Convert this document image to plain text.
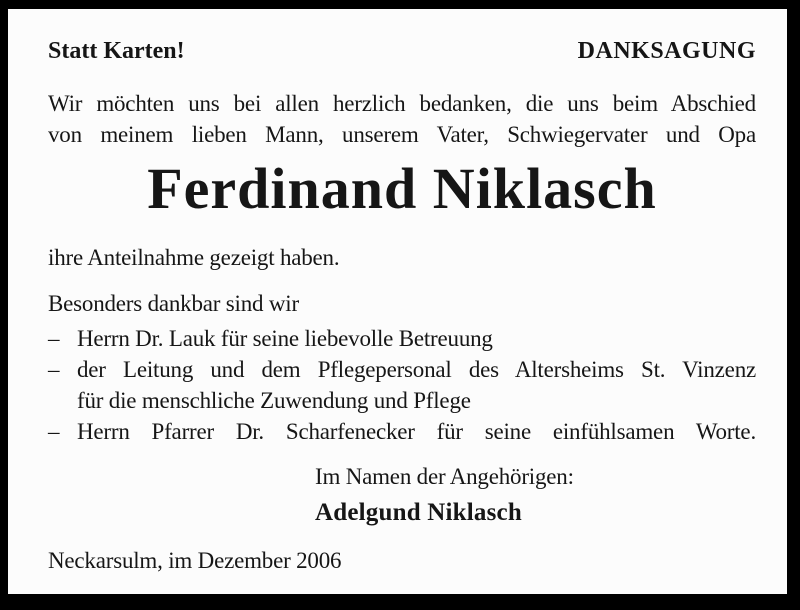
Statt Karten!	DANKSAGUNG
Wir möchten uns bei allen herzlich bedanken, die uns beim Abschied
von meinem lieben Mann, unserem Vater, Schwiegervater und Opa
Ferdinand Niklasch
ihre Anteilnahme gezeigt haben.
Besonders dankbar sind wir
– Herrn Dr. Lauk für seine liebevolle Betreuung
– der Leitung und dem Pflegepersonal des Altersheims St. Vinzenz
für die menschliche Zuwendung und Pflege
– Herrn Pfarrer Dr. Scharfenecker für seine einfühlsamen Worte.
Im Namen der Angehörigen:
Adelgund Niklasch
Neckarsulm, im Dezember 2006
